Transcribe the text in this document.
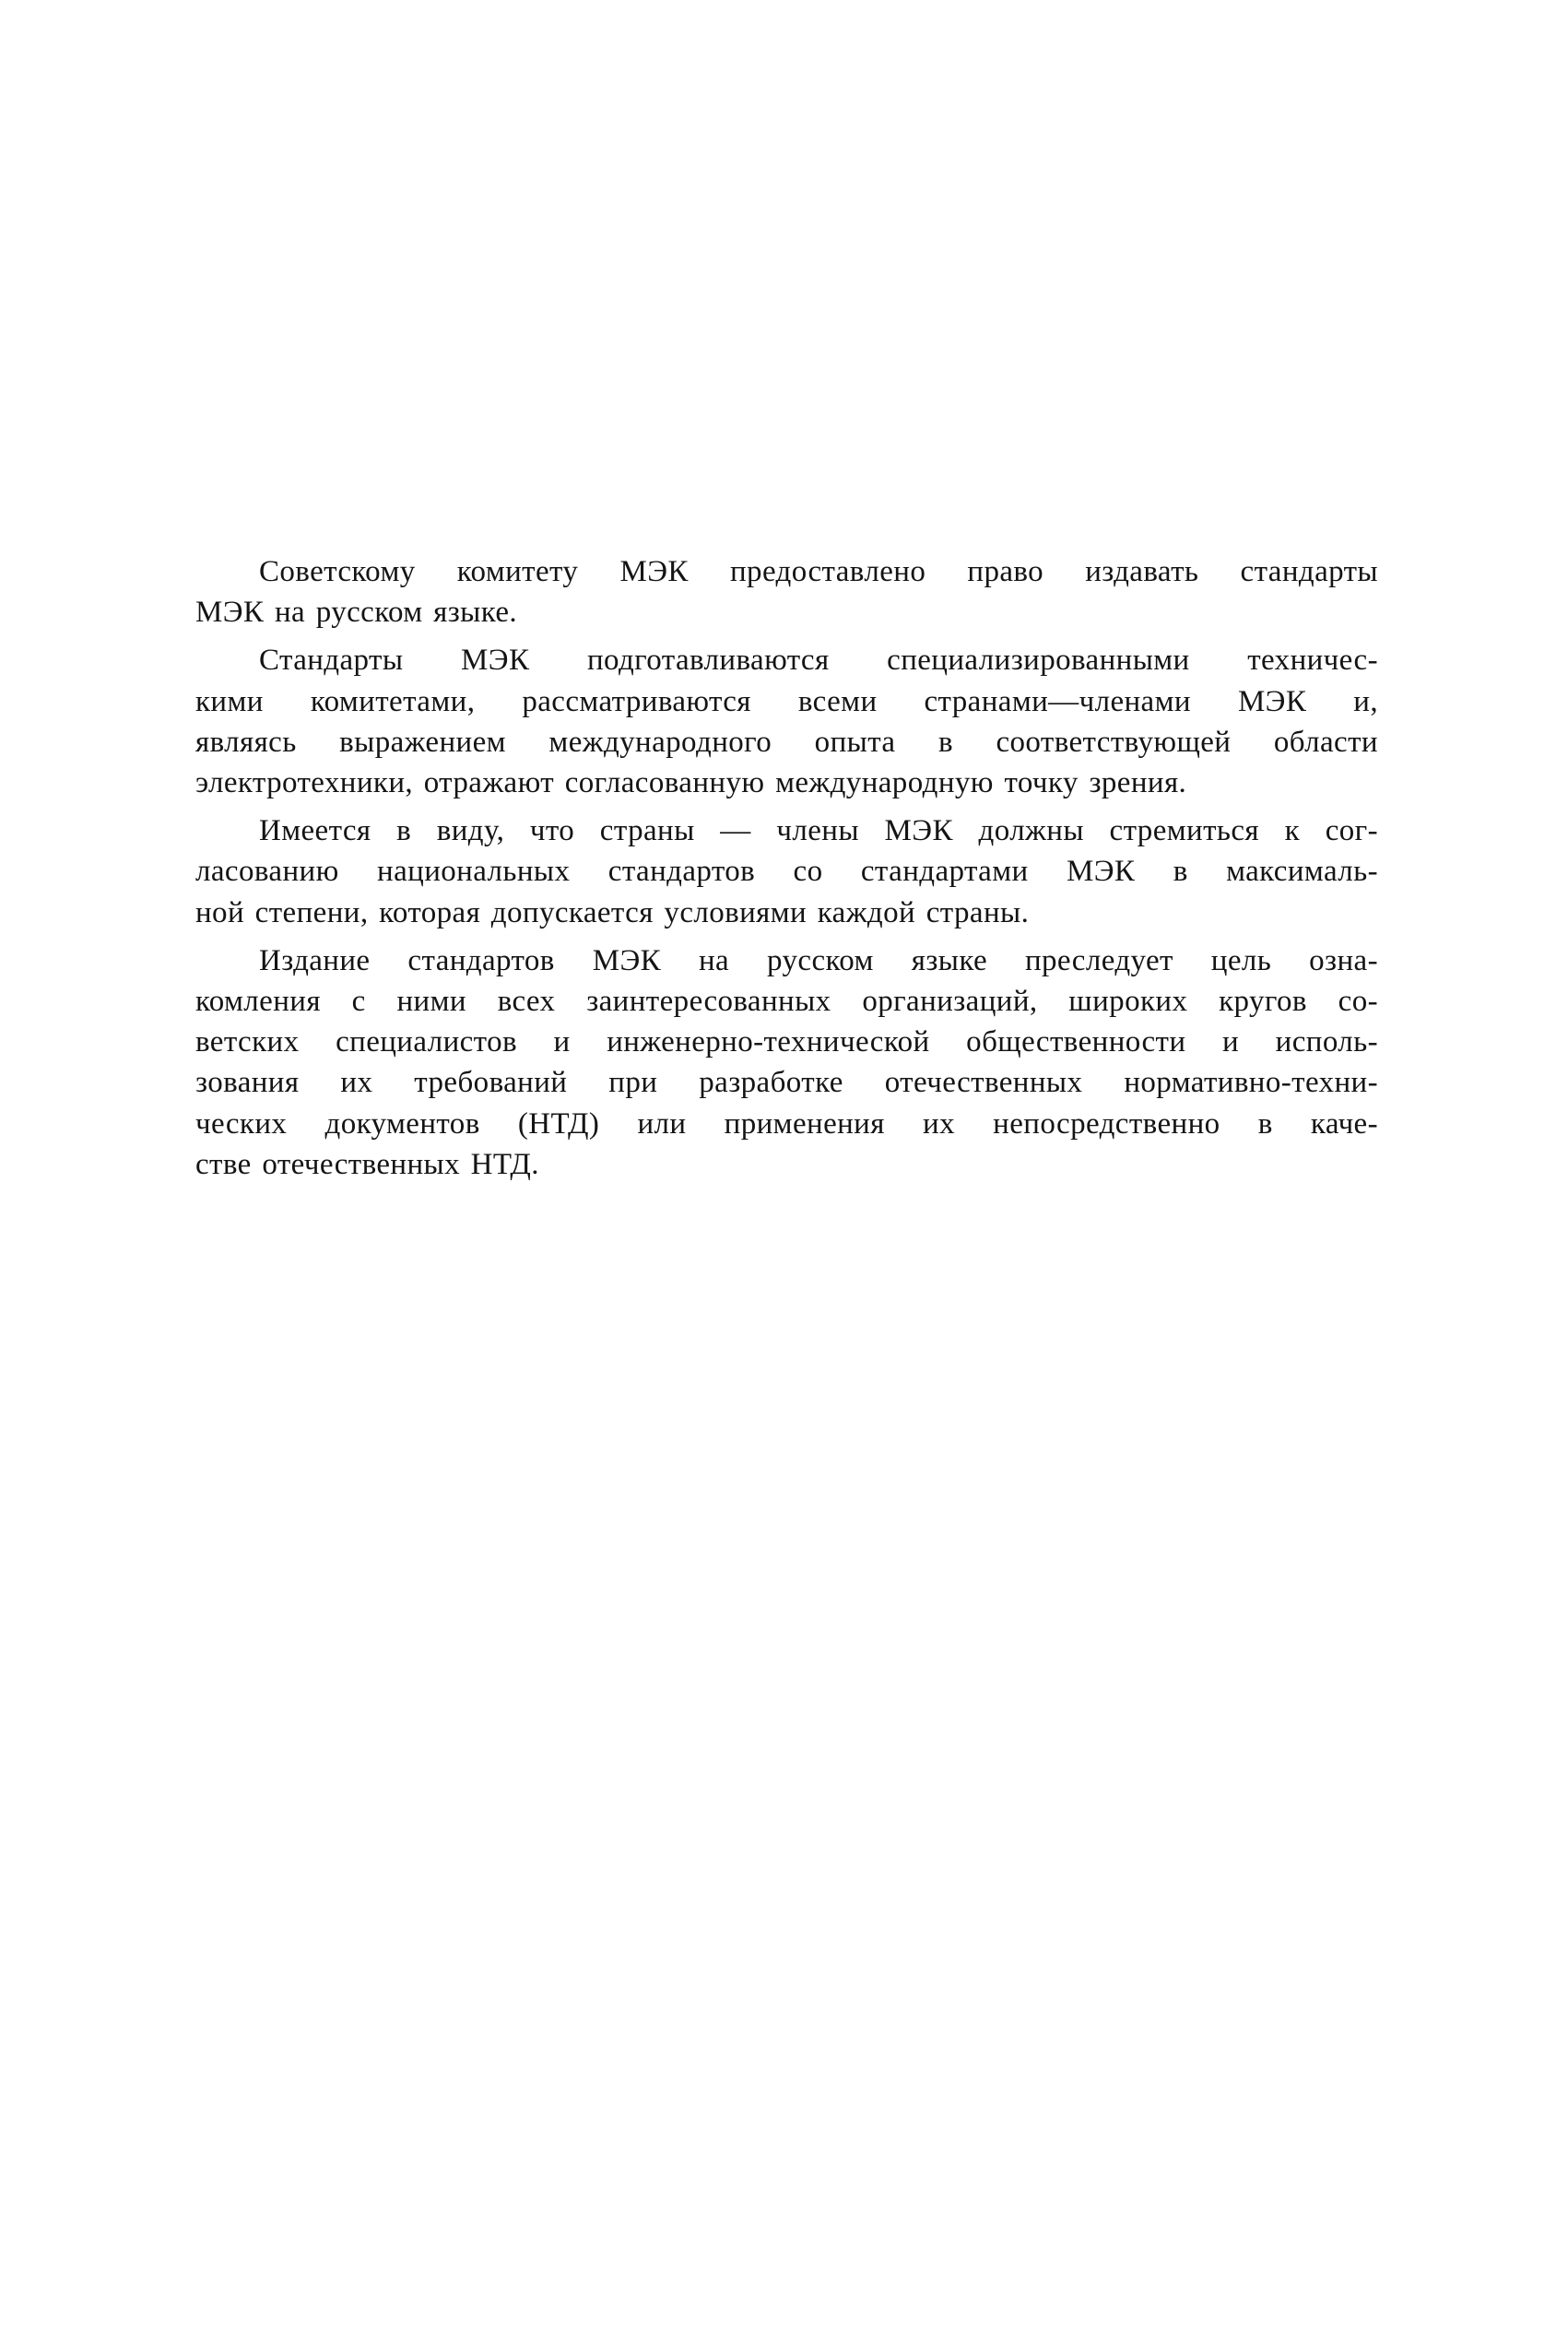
Советскому комитету МЭК предоставлено право издавать стандарты
МЭК на русском языке.

Стандарты МЭК подготавливаются специализированными техничес-
кими комитетами, рассматриваются всеми странами—членами МЭК и,
являясь выражением международного опыта в соответствующей области
электротехники, отражают согласованную международную точку зрения.

Имеется в виду, что страны — члены МЭК должны стремиться к сог-
ласованию национальных стандартов со стандартами МЭК в максималь-
ной степени, которая допускается условиями каждой страны.

Издание стандартов МЭК на русском языке преследует цель озна-
комления с ними всех заинтересованных организаций, широких кругов со-
ветских специалистов и инженерно-технической общественности и исполь-
зования их требований при разработке отечественных нормативно-техни-
ческих документов (НТД) или применения их непосредственно в каче-
стве отечественных НТД.
